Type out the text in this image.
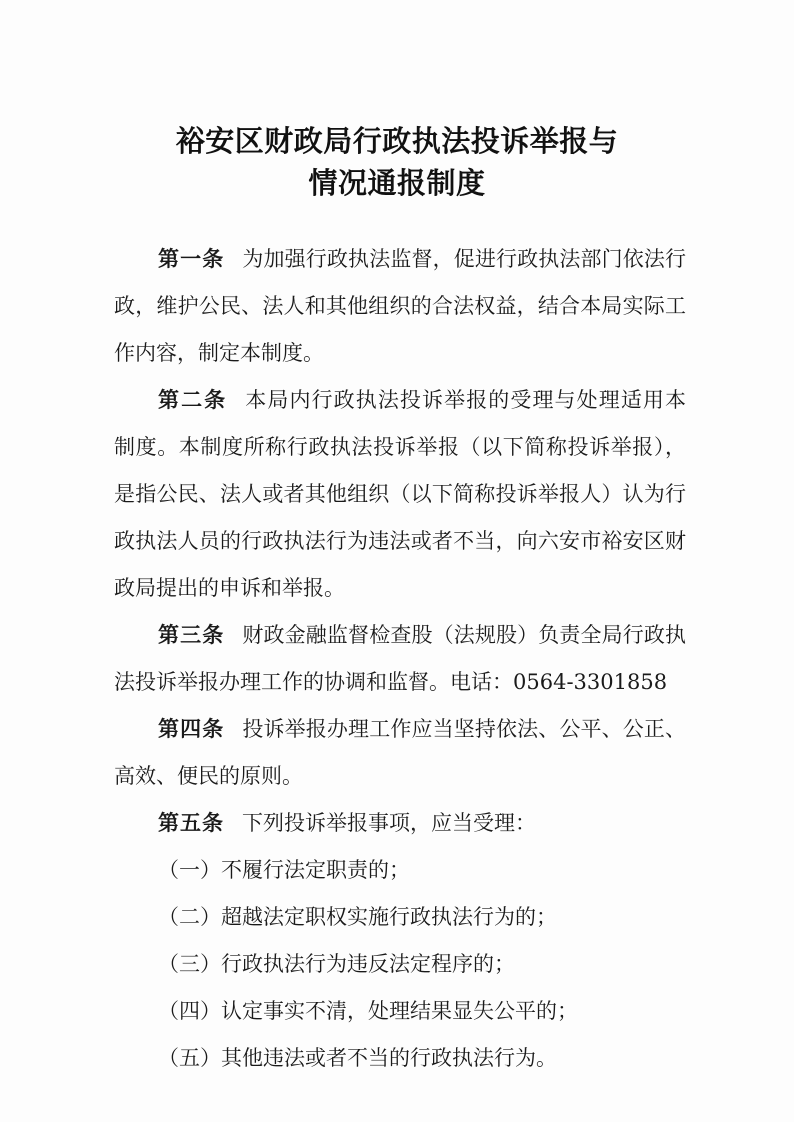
裕安区财政局行政执法投诉举报与
情况通报制度
第一条 为加强行政执法监督，促进行政执法部门依法行
政，维护公民、法人和其他组织的合法权益，结合本局实际工
作内容，制定本制度。
第二条 本局内行政执法投诉举报的受理与处理适用本
制度。本制度所称行政执法投诉举报（以下简称投诉举报），
是指公民、法人或者其他组织（以下简称投诉举报人）认为行
政执法人员的行政执法行为违法或者不当，向六安市裕安区财
政局提出的申诉和举报。
第三条 财政金融监督检查股（法规股）负责全局行政执
法投诉举报办理工作的协调和监督。电话：0564-3301858
第四条 投诉举报办理工作应当坚持依法、公平、公正、
高效、便民的原则。
第五条 下列投诉举报事项，应当受理：
（一）不履行法定职责的；
（二）超越法定职权实施行政执法行为的；
（三）行政执法行为违反法定程序的；
（四）认定事实不清，处理结果显失公平的；
（五）其他违法或者不当的行政执法行为。
